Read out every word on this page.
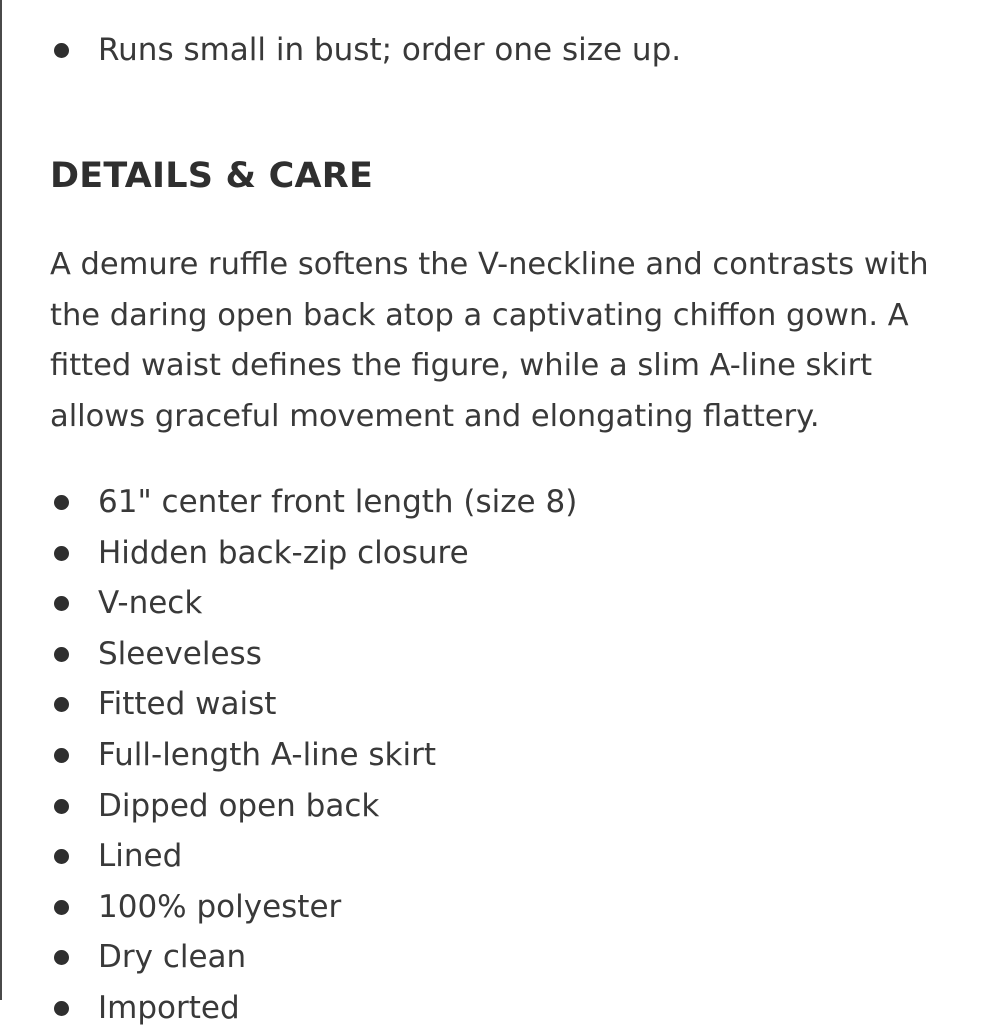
Runs small in bust; order one size up.
DETAILS & CARE

A demure ruffle softens the V-neckline and contrasts with
the daring open back atop a captivating chiffon gown. A
fitted waist defines the figure, while a slim A-line skirt
allows graceful movement and elongating flattery.

61" center front length (size 8)
Hidden back-zip closure
V-neck
Sleeveless
Fitted waist
Full-length A-line skirt
Dipped open back
Lined
100% polyester
Dry clean
Imported
